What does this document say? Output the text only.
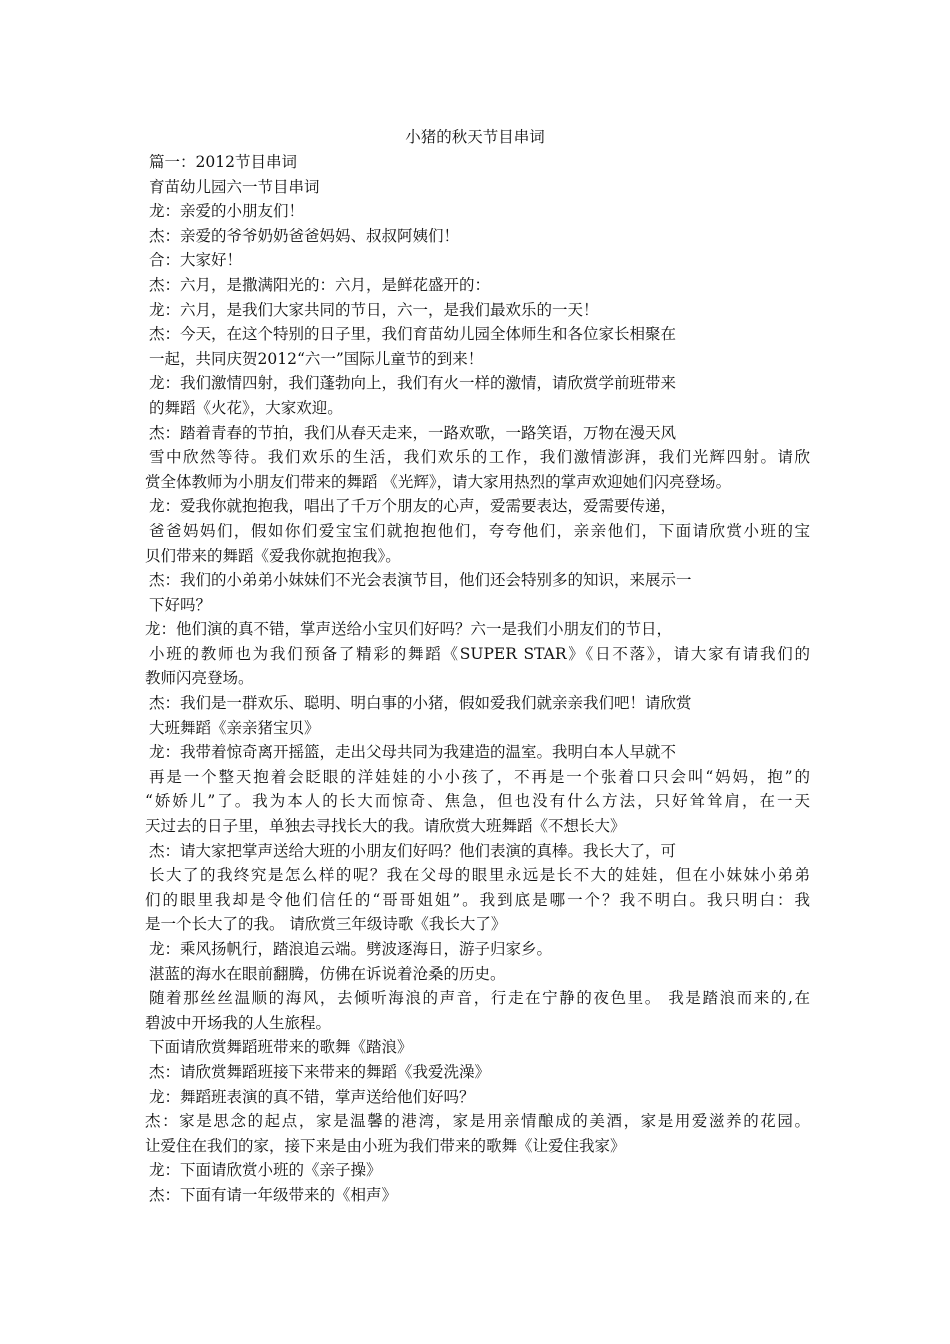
小猪的秋天节目串词
篇一：2012节目串词
育苗幼儿园六一节目串词
龙：亲爱的小朋友们！
杰：亲爱的爷爷奶奶爸爸妈妈、叔叔阿姨们！
合：大家好！
杰：六月，是撒满阳光的：六月，是鲜花盛开的：
龙：六月，是我们大家共同的节日，六一，是我们最欢乐的一天！
杰：今天，在这个特别的日子里，我们育苗幼儿园全体师生和各位家长相聚在
一起，共同庆贺2012“六一”国际儿童节的到来！
龙：我们激情四射，我们蓬勃向上，我们有火一样的激情，请欣赏学前班带来
的舞蹈《火花》，大家欢迎。
杰：踏着青春的节拍，我们从春天走来，一路欢歌，一路笑语，万物在漫天风
雪中欣然等待。我们欢乐的生活，我们欢乐的工作，我们激情澎湃，我们光辉四射。请欣
赏全体教师为小朋友们带来的舞蹈 《光辉》，请大家用热烈的掌声欢迎她们闪亮登场。
龙：爱我你就抱抱我，唱出了千万个朋友的心声，爱需要表达，爱需要传递，
爸爸妈妈们，假如你们爱宝宝们就抱抱他们，夸夸他们，亲亲他们，下面请欣赏小班的宝
贝们带来的舞蹈《爱我你就抱抱我》。
杰：我们的小弟弟小妹妹们不光会表演节目，他们还会特别多的知识，来展示一
下好吗？
龙：他们演的真不错，掌声送给小宝贝们好吗？六一是我们小朋友们的节日，
小班的教师也为我们预备了精彩的舞蹈《SUPER STAR》《日不落》，请大家有请我们的
教师闪亮登场。
杰：我们是一群欢乐、聪明、明白事的小猪，假如爱我们就亲亲我们吧！请欣赏
大班舞蹈《亲亲猪宝贝》
龙：我带着惊奇离开摇篮，走出父母共同为我建造的温室。我明白本人早就不
再是一个整天抱着会眨眼的洋娃娃的小小孩了，不再是一个张着口只会叫“妈妈，抱”的
“娇娇儿”了。我为本人的长大而惊奇、焦急，但也没有什么方法，只好耸耸肩，在一天
天过去的日子里，单独去寻找长大的我。请欣赏大班舞蹈《不想长大》
杰：请大家把掌声送给大班的小朋友们好吗？他们表演的真棒。我长大了，可
长大了的我终究是怎么样的呢？我在父母的眼里永远是长不大的娃娃，但在小妹妹小弟弟
们的眼里我却是令他们信任的“哥哥姐姐”。我到底是哪一个？我不明白。我只明白：我
是一个长大了的我。 请欣赏三年级诗歌《我长大了》
龙：乘风扬帆行，踏浪追云端。劈波逐海日，游子归家乡。
湛蓝的海水在眼前翻腾，仿佛在诉说着沧桑的历史。
随着那丝丝温顺的海风，去倾听海浪的声音，行走在宁静的夜色里。 我是踏浪而来的,在
碧波中开场我的人生旅程。
下面请欣赏舞蹈班带来的歌舞《踏浪》
杰：请欣赏舞蹈班接下来带来的舞蹈《我爱洗澡》
龙：舞蹈班表演的真不错，掌声送给他们好吗？
杰：家是思念的起点，家是温馨的港湾，家是用亲情酿成的美酒，家是用爱滋养的花园。
让爱住在我们的家，接下来是由小班为我们带来的歌舞《让爱住我家》
龙：下面请欣赏小班的《亲子操》
杰：下面有请一年级带来的《相声》
